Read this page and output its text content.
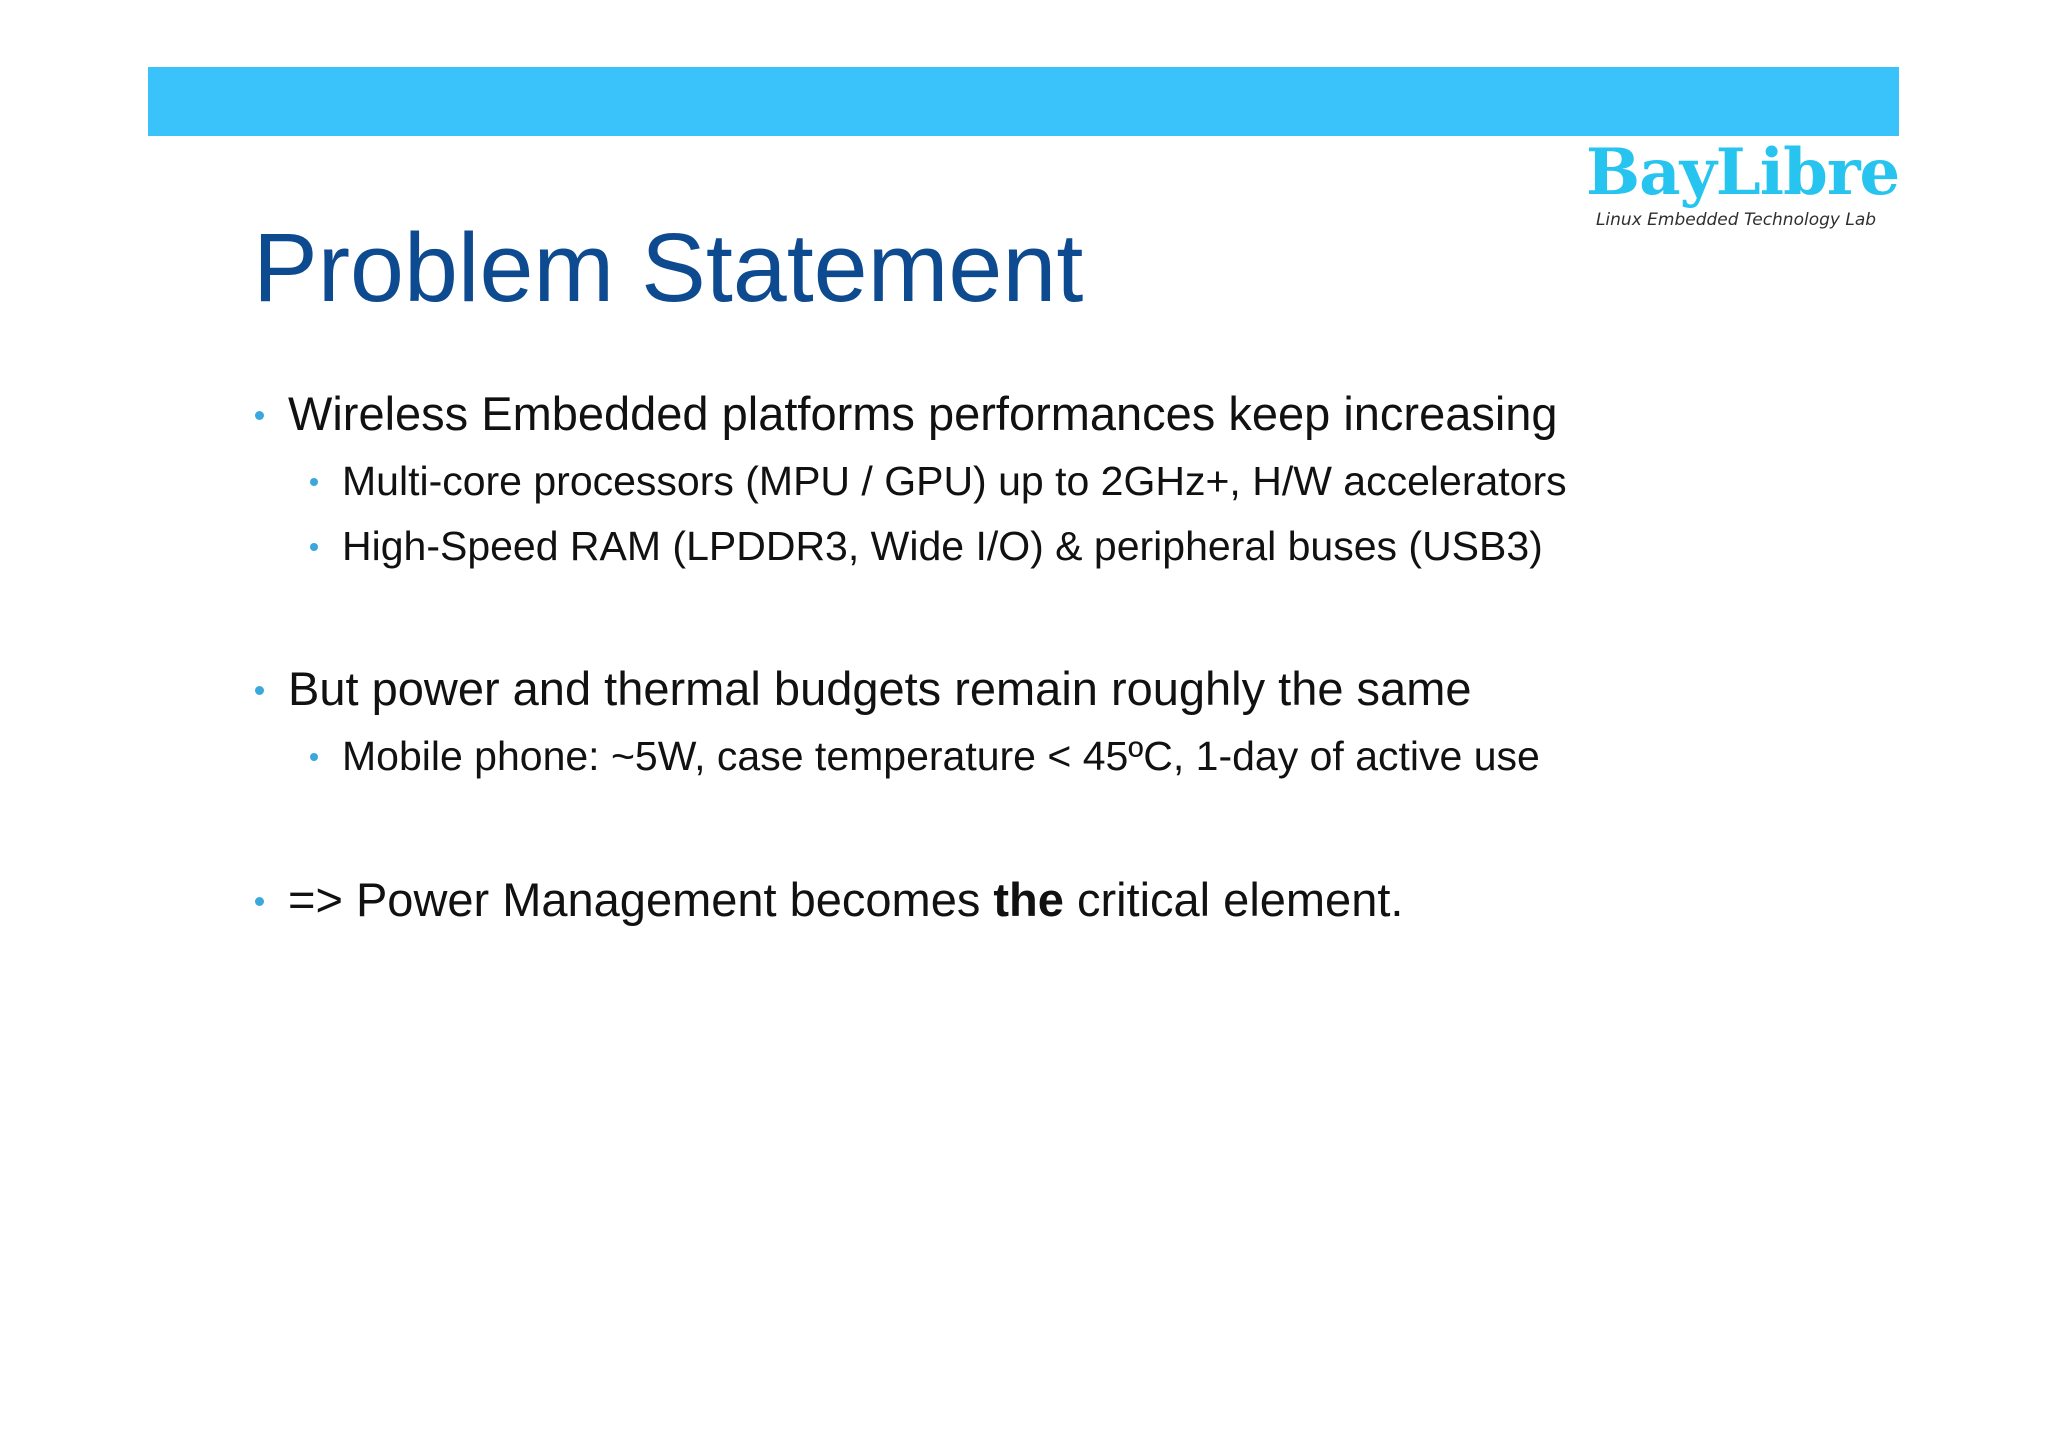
BayLibre
Linux Embedded Technology Lab
Problem Statement
Wireless Embedded platforms performances keep increasing
Multi-core processors (MPU / GPU) up to 2GHz+, H/W accelerators
High-Speed RAM (LPDDR3, Wide I/O) & peripheral buses (USB3)
But power and thermal budgets remain roughly the same
Mobile phone: ~5W, case temperature < 45ºC, 1-day of active use
=> Power Management becomes the critical element.
